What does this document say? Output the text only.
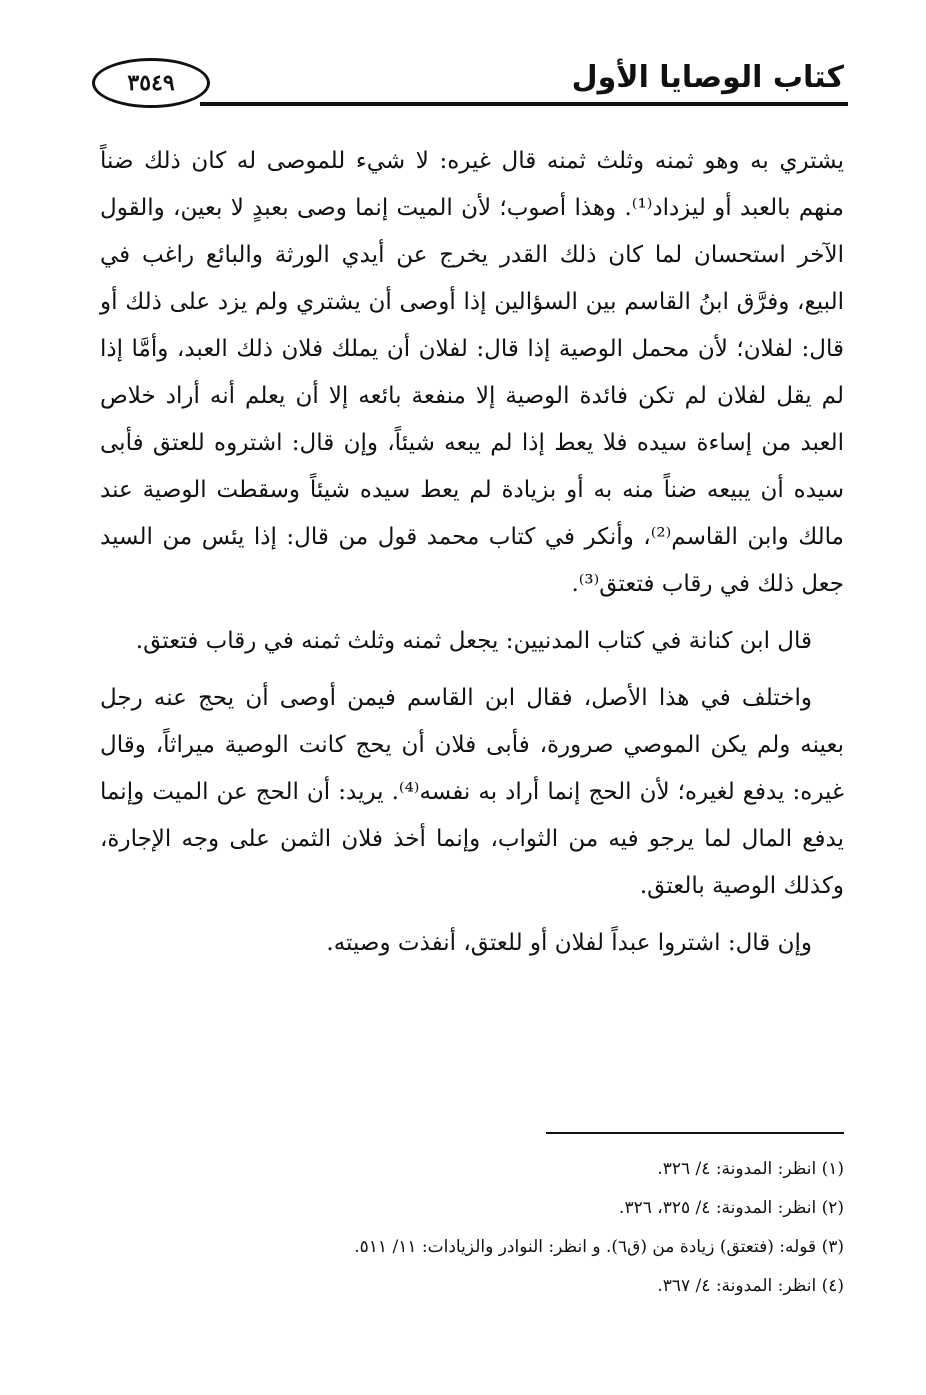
٣٥٤٩	كتاب الوصايا الأول

يشتري به وهو ثمنه وثلث ثمنه قال غيره: لا شيء للموصى له كان ذلك ضناً منهم بالعبد أو ليزداد⁽¹⁾. وهذا أصوب؛ لأن الميت إنما وصى بعبدٍ لا بعين، والقول الآخر استحسان لما كان ذلك القدر يخرج عن أيدي الورثة والبائع راغب في البيع، وفرَّق ابنُ القاسم بين السؤالين إذا أوصى أن يشتري ولم يزد على ذلك أو قال: لفلان؛ لأن محمل الوصية إذا قال: لفلان أن يملك فلان ذلك العبد، وأمَّا إذا لم يقل لفلان لم تكن فائدة الوصية إلا منفعة بائعه إلا أن يعلم أنه أراد خلاص العبد من إساءة سيده فلا يعط إذا لم يبعه شيئاً، وإن قال: اشتروه للعتق فأبى سيده أن يبيعه ضناً منه به أو بزيادة لم يعط سيده شيئاً وسقطت الوصية عند مالك وابن القاسم⁽²⁾، وأنكر في كتاب محمد قول من قال: إذا يئس من السيد جعل ذلك في رقاب فتعتق⁽³⁾.

قال ابن كنانة في كتاب المدنيين: يجعل ثمنه وثلث ثمنه في رقاب فتعتق.

واختلف في هذا الأصل، فقال ابن القاسم فيمن أوصى أن يحج عنه رجل بعينه ولم يكن الموصي صرورة، فأبى فلان أن يحج كانت الوصية ميراثاً، وقال غيره: يدفع لغيره؛ لأن الحج إنما أراد به نفسه⁽⁴⁾. يريد: أن الحج عن الميت وإنما يدفع المال لما يرجو فيه من الثواب، وإنما أخذ فلان الثمن على وجه الإجارة، وكذلك الوصية بالعتق.

وإن قال: اشتروا عبداً لفلان أو للعتق، أنفذت وصيته.

(١) انظر: المدونة: ٤/ ٣٢٦.
(٢) انظر: المدونة: ٤/ ٣٢٥، ٣٢٦.
(٣) قوله: (فتعتق) زيادة من (ق٦). و انظر: النوادر والزيادات: ١١/ ٥١١.
(٤) انظر: المدونة: ٤/ ٣٦٧.
